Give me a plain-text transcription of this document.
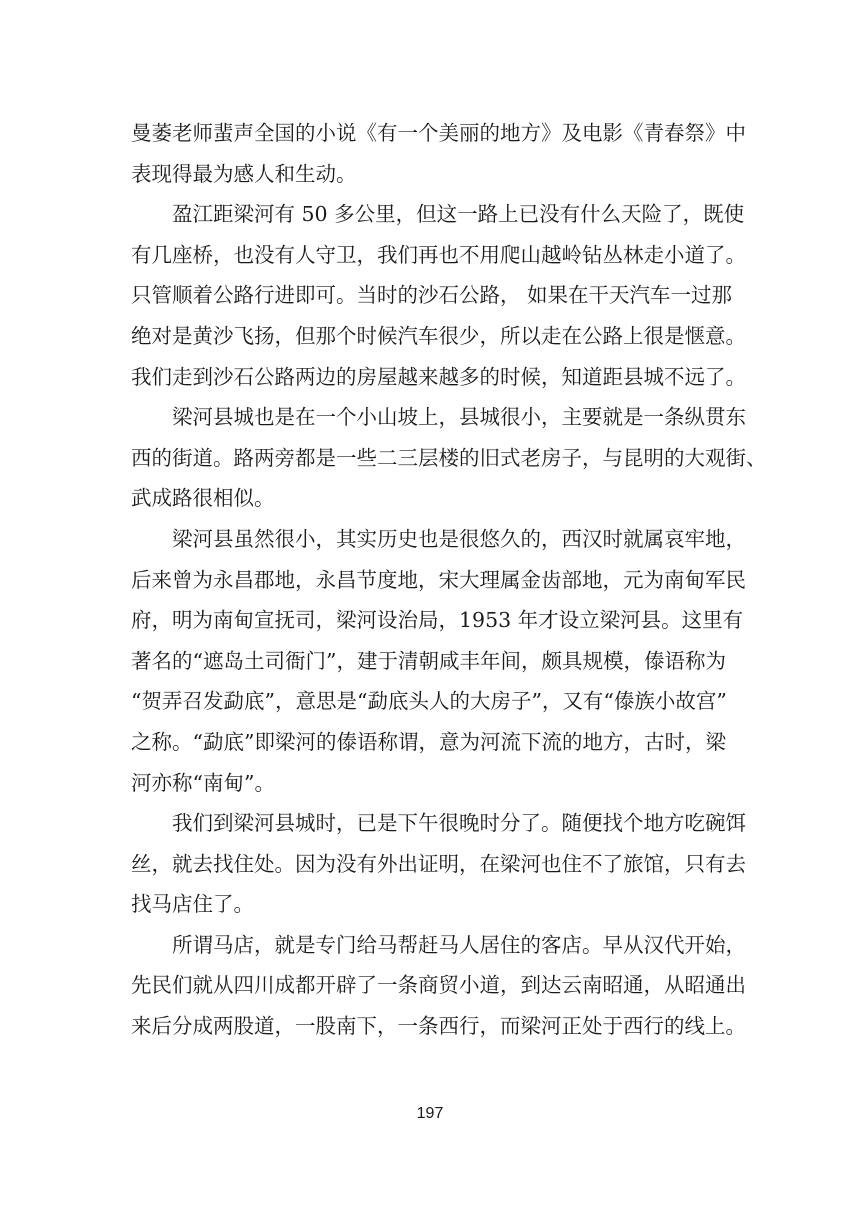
曼萎老师蜚声全国的小说《有一个美丽的地方》及电影《青春祭》中
表现得最为感人和生动。
盈江距梁河有 50 多公里，但这一路上已没有什么天险了，既使
有几座桥，也没有人守卫，我们再也不用爬山越岭钻丛林走小道了。
只管顺着公路行进即可。当时的沙石公路， 如果在干天汽车一过那
绝对是黄沙飞扬，但那个时候汽车很少，所以走在公路上很是惬意。
我们走到沙石公路两边的房屋越来越多的时候，知道距县城不远了。
梁河县城也是在一个小山坡上，县城很小，主要就是一条纵贯东
西的街道。路两旁都是一些二三层楼的旧式老房子，与昆明的大观街、
武成路很相似。
梁河县虽然很小，其实历史也是很悠久的，西汉时就属哀牢地，
后来曾为永昌郡地，永昌节度地，宋大理属金齿部地，元为南甸军民
府，明为南甸宣抚司，梁河设治局，1953 年才设立梁河县。这里有
著名的“遮岛土司衙门”，建于清朝咸丰年间，颇具规模，傣语称为
“贺弄召发勐底”，意思是“勐底头人的大房子”，又有“傣族小故宫”
之称。“勐底”即梁河的傣语称谓，意为河流下流的地方，古时，梁
河亦称“南甸”。
我们到梁河县城时，已是下午很晚时分了。随便找个地方吃碗饵
丝，就去找住处。因为没有外出证明，在梁河也住不了旅馆，只有去
找马店住了。
所谓马店，就是专门给马帮赶马人居住的客店。早从汉代开始，
先民们就从四川成都开辟了一条商贸小道，到达云南昭通，从昭通出
来后分成两股道，一股南下，一条西行，而梁河正处于西行的线上。
197
